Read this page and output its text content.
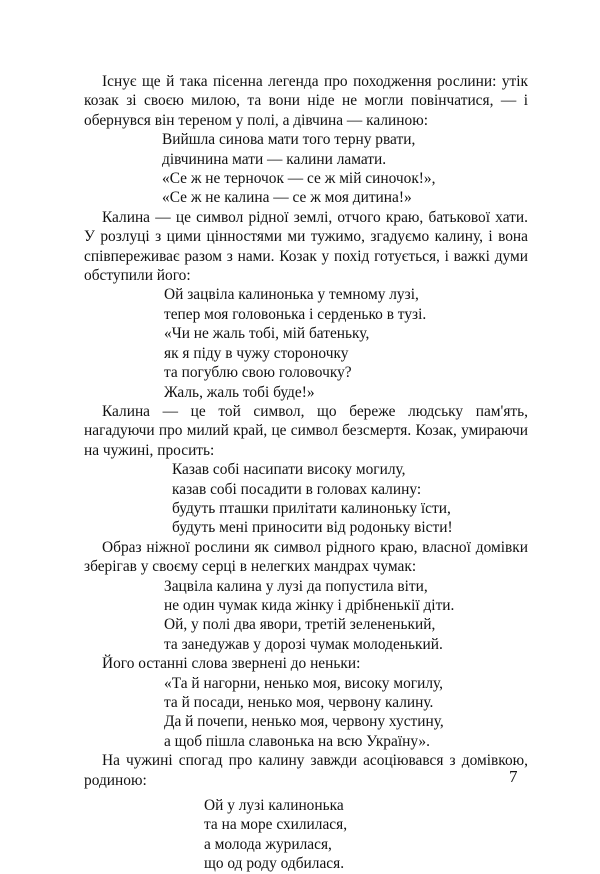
Існує ще й така пісенна легенда про походження рослини: утік козак зі своєю милою, та вони ніде не могли повінчатися, — і обернувся він тереном у полі, а дівчина — калиною:

Вийшла синова мати того терну рвати,
дівчинина мати — калини ламати.
«Се ж не терночок — се ж мій синочок!»,
«Се ж не калина — се ж моя дитина!»

Калина — це символ рідної землі, отчого краю, батькової хати. У розлуці з цими цінностями ми тужимо, згадуємо калину, і вона співпереживає разом з нами. Козак у похід готується, і важкі думи обступили його:

Ой зацвіла калинонька у темному лузі,
тепер моя головонька і серденько в тузі.
«Чи не жаль тобі, мій батеньку,
як я піду в чужу стороночку
та погублю свою головочку?
Жаль, жаль тобі буде!»

Калина — це той символ, що береже людську пам'ять, нагадуючи про милий край, це символ безсмертя. Козак, умираючи на чужині, просить:

Казав собі насипати високу могилу,
казав собі посадити в головах калину:
будуть пташки прилітати калиноньку їсти,
будуть мені приносити від родоньку вісти!

Образ ніжної рослини як символ рідного краю, власної домівки зберігав у своєму серці в нелегких мандрах чумак:

Зацвіла калина у лузі да попустила віти,
не один чумак кида жінку і дрібненькії діти.
Ой, у полі два явори, третій зелененький,
та занедужав у дорозі чумак молоденький.

Його останні слова звернені до неньки:

«Та й нагорни, ненько моя, високу могилу,
та й посади, ненько моя, червону калину.
Да й почепи, ненько моя, червону хустину,
а щоб пішла славонька на всю Україну».

На чужині спогад про калину завжди асоціювався з домівкою, родиною:

Ой у лузі калинонька
та на море схилилася,
а молода журилася,
що од роду одбилася.
7
